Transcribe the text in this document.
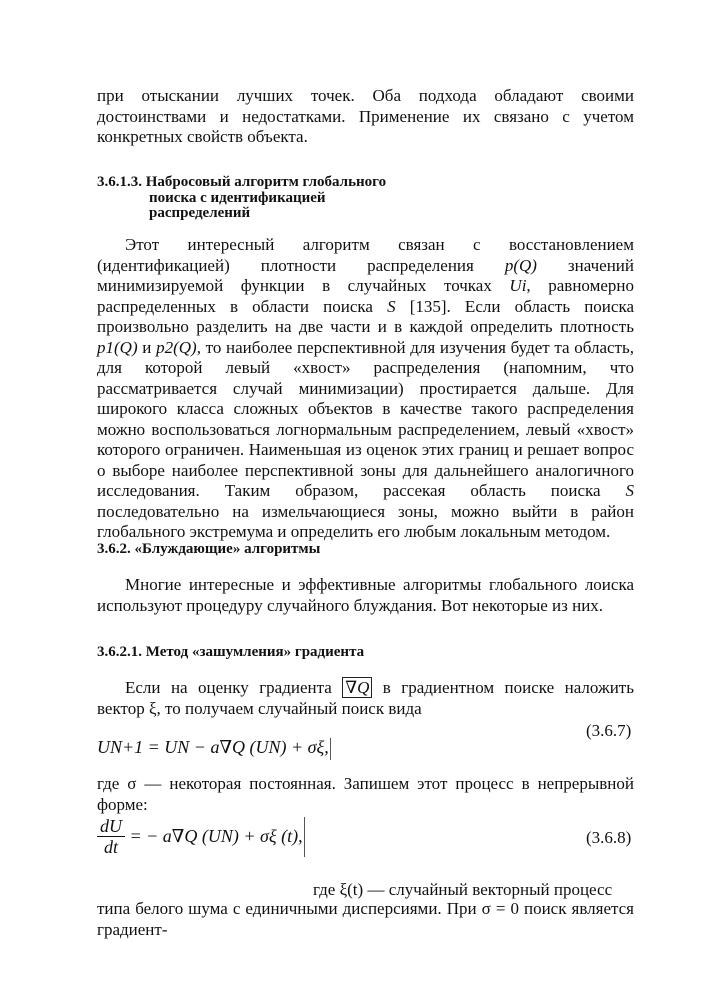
при отыскании лучших точек. Оба подхода обладают своими достоинствами и недостатками. Применение их связано с учетом конкретных свойств объекта.

3.6.1.3. Набросовый алгоритм глобального
поиска с идентификацией
распределений

Этот интересный алгоритм связан с восстановлением (идентификацией) плотности распределения p(Q) значений минимизируемой функции в случайных точках Ui, равномерно распределенных в области поиска S [135]. Если область поиска произвольно разделить на две части и в каждой определить плотность p1(Q) и p2(Q), то наиболее перспективной для изучения будет та область, для которой левый «хвост» распределения (напомним, что рассматривается случай минимизации) простирается дальше. Для широкого класса сложных объектов в качестве такого распределения можно воспользоваться логнормальным распределением, левый «хвост» которого ограничен. Наименьшая из оценок этих границ и решает вопрос о выборе наиболее перспективной зоны для дальнейшего аналогичного исследования. Таким образом, рассекая область поиска S последовательно на измельчающиеся зоны, можно выйти в район глобального экстремума и определить его любым локальным методом.

3.6.2. «Блуждающие» алгоритмы

Многие интересные и эффективные алгоритмы глобального лоиска используют процедуру случайного блуждания. Вот некоторые из них.

3.6.2.1. Метод «зашумления» градиента

Если на оценку градиента ∇Q в градиентном поиске наложить вектор ξ, то получаем случайный поиск вида

(3.6.7)
UN+1 = UN − a∇Q (UN) + σξ,

где σ — некоторая постоянная. Запишем этот процесс в непрерывной форме:

$\frac{dU}{dt}$ = − a∇Q (UN) + σξ (t),	(3.6.8)

где ξ(t) — случайный векторный процесс

типа белого шума с единичными дисперсиями. При σ = 0 поиск является градиент-
